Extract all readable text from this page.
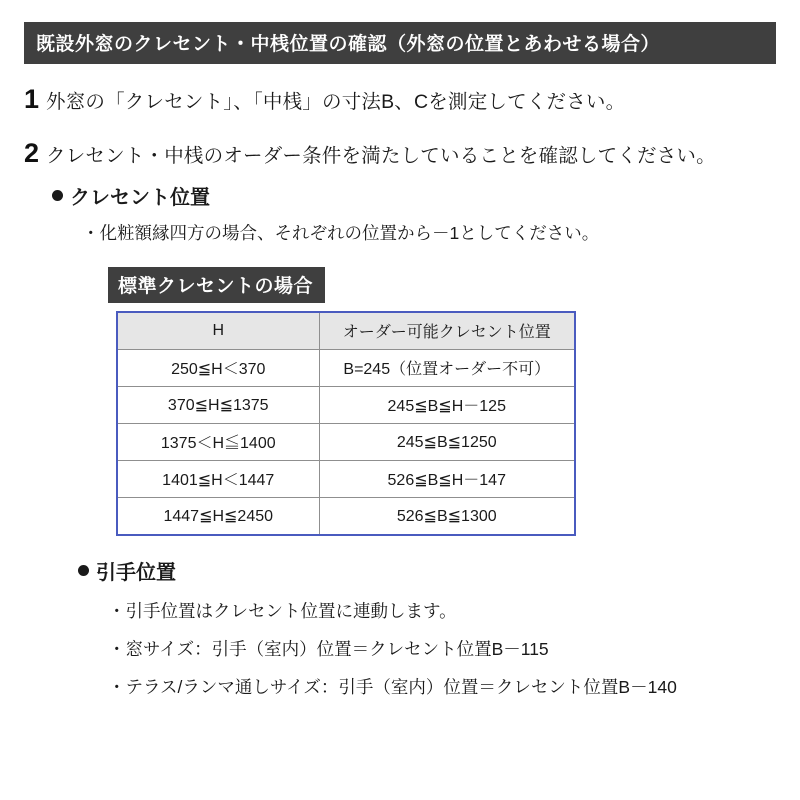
既設外窓のクレセント・中桟位置の確認（外窓の位置とあわせる場合）
1 外窓の「クレセント」、「中桟」の寸法B、Cを測定してください。
2 クレセント・中桟のオーダー条件を満たしていることを確認してください。
クレセント位置
・化粧額縁四方の場合、それぞれの位置から－1としてください。
標準クレセントの場合
H	オーダー可能クレセント位置
250≦H＜370	B=245（位置オーダー不可）
370≦H≦1375	245≦B≦H－125
1375＜H≦1400	245≦B≦1250
1401≦H＜1447	526≦B≦H－147
1447≦H≦2450	526≦B≦1300
引手位置
・引手位置はクレセント位置に連動します。
・窓サイズ：引手（室内）位置＝クレセント位置B－115
・テラス/ランマ通しサイズ：引手（室内）位置＝クレセント位置B－140
